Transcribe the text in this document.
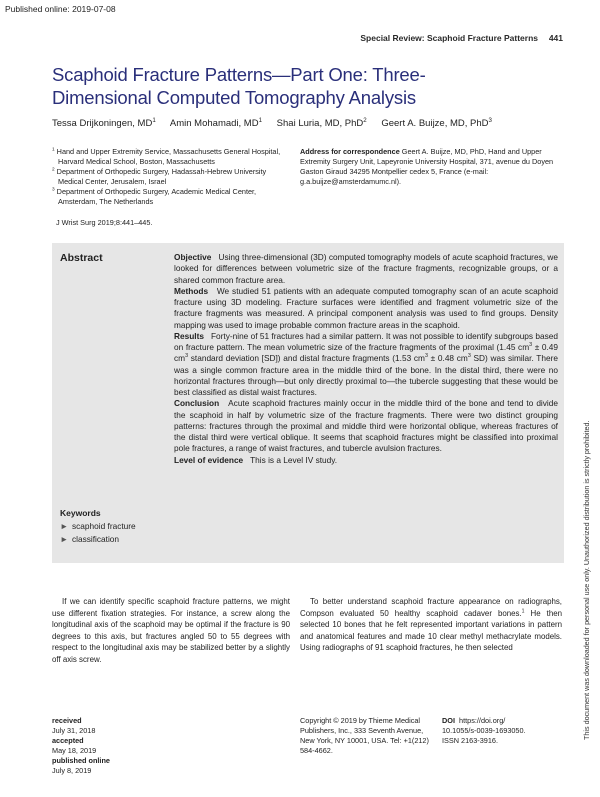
Published online: 2019-07-08
Special Review: Scaphoid Fracture Patterns 441
Scaphoid Fracture Patterns—Part One: Three-
Dimensional Computed Tomography Analysis
Tessa Drijkoningen, $MD^1$ Amin Mohamadi, $MD^1$ Shai Luria, MD, PhD$^2$ Geert A. Buijze, MD, PhD$^3$

$^1$ Hand and Upper Extremity Service, Massachusetts General Hospital, Harvard Medical School, Boston, Massachusetts

$^2$ Department of Orthopedic Surgery, Hadassah-Hebrew University Medical Center, Jerusalem, Israel

$^3$ Department of Orthopedic Surgery, Academic Medical Center, Amsterdam, The Netherlands

Address for correspondence Geert A. Buijze, MD, PhD, Hand and Upper Extremity Surgery Unit, Lapeyronie University Hospital, 371, avenue du Doyen Gaston Giraud 34295 Montpellier cedex 5, France (e-mail: g.a.buijze@amsterdamumc.nl).
J Wrist Surg 2019;8:441–445.
Abstract	Objective Using three-dimensional (3D) computed tomography models of acute scaphoid fractures, we looked for differences between volumetric size of the fracture fragments, recognizable groups, or a shared common fracture area.

Methods We studied 51 patients with an adequate computed tomography scan of an acute scaphoid fracture using 3D modeling. Fracture surfaces were identified and fragment volumetric size of the fracture fragments was measured. A principal component analysis was used to find groups. Density mapping was used to image probable common fracture areas in the scaphoid.

Results Forty-nine of 51 fractures had a similar pattern. It was not possible to identify subgroups based on fracture pattern. The mean volumetric size of the fracture fragments of the proximal (1.45 $cm^3 \pm 0.49$ $cm^3$ standard deviation [SD]) and distal fracture fragments (1.53 $cm^3 \pm 0.48$ $cm^3$ SD) was similar. There was a single common fracture area in the middle third of the bone. In the distal third, there were no horizontal fractures through—but only directly proximal to—the tubercle suggesting that these would be best classified as distal waist fractures.

Conclusion Acute scaphoid fractures mainly occur in the middle third of the bone and tend to divide the scaphoid in half by volumetric size of the fracture fragments. There were two distinct grouping patterns: fractures through the proximal and middle third were horizontal oblique, whereas fractures of the distal third were vertical oblique. It seems that scaphoid fractures might be classified into proximal pole fractures, a range of waist fractures, and tubercle avulsion fractures.

Level of evidence This is a Level IV study.

Keywords
► scaphoid fracture
► classification

If we can identify specific scaphoid fracture patterns, we might use different fixation strategies. For instance, a screw along the longitudinal axis of the scaphoid may be optimal if the fracture is 90 degrees to this axis, but fractures angled 50 to 55 degrees with respect to the longitudinal axis may be stabilized better by a slightly off axis screw.

To better understand scaphoid fracture appearance on radiographs, Compson evaluated 50 healthy scaphoid cadaver bones.$^1$ He then selected 10 bones that he felt represented important variations in pattern and anatomical features and made 10 clear methyl methacrylate models. Using radiographs of 91 scaphoid fractures, he then selected

received
July 31, 2018
accepted
May 18, 2019
published online
July 8, 2019
Copyright © 2019 by Thieme Medical Publishers, Inc., 333 Seventh Avenue, New York, NY 10001, USA. Tel: +1(212) 584-4662.
DOI https://doi.org/
10.1055/s-0039-1693050.
ISSN 2163-3916.
This document was downloaded for personal use only. Unauthorized distribution is strictly prohibited.
